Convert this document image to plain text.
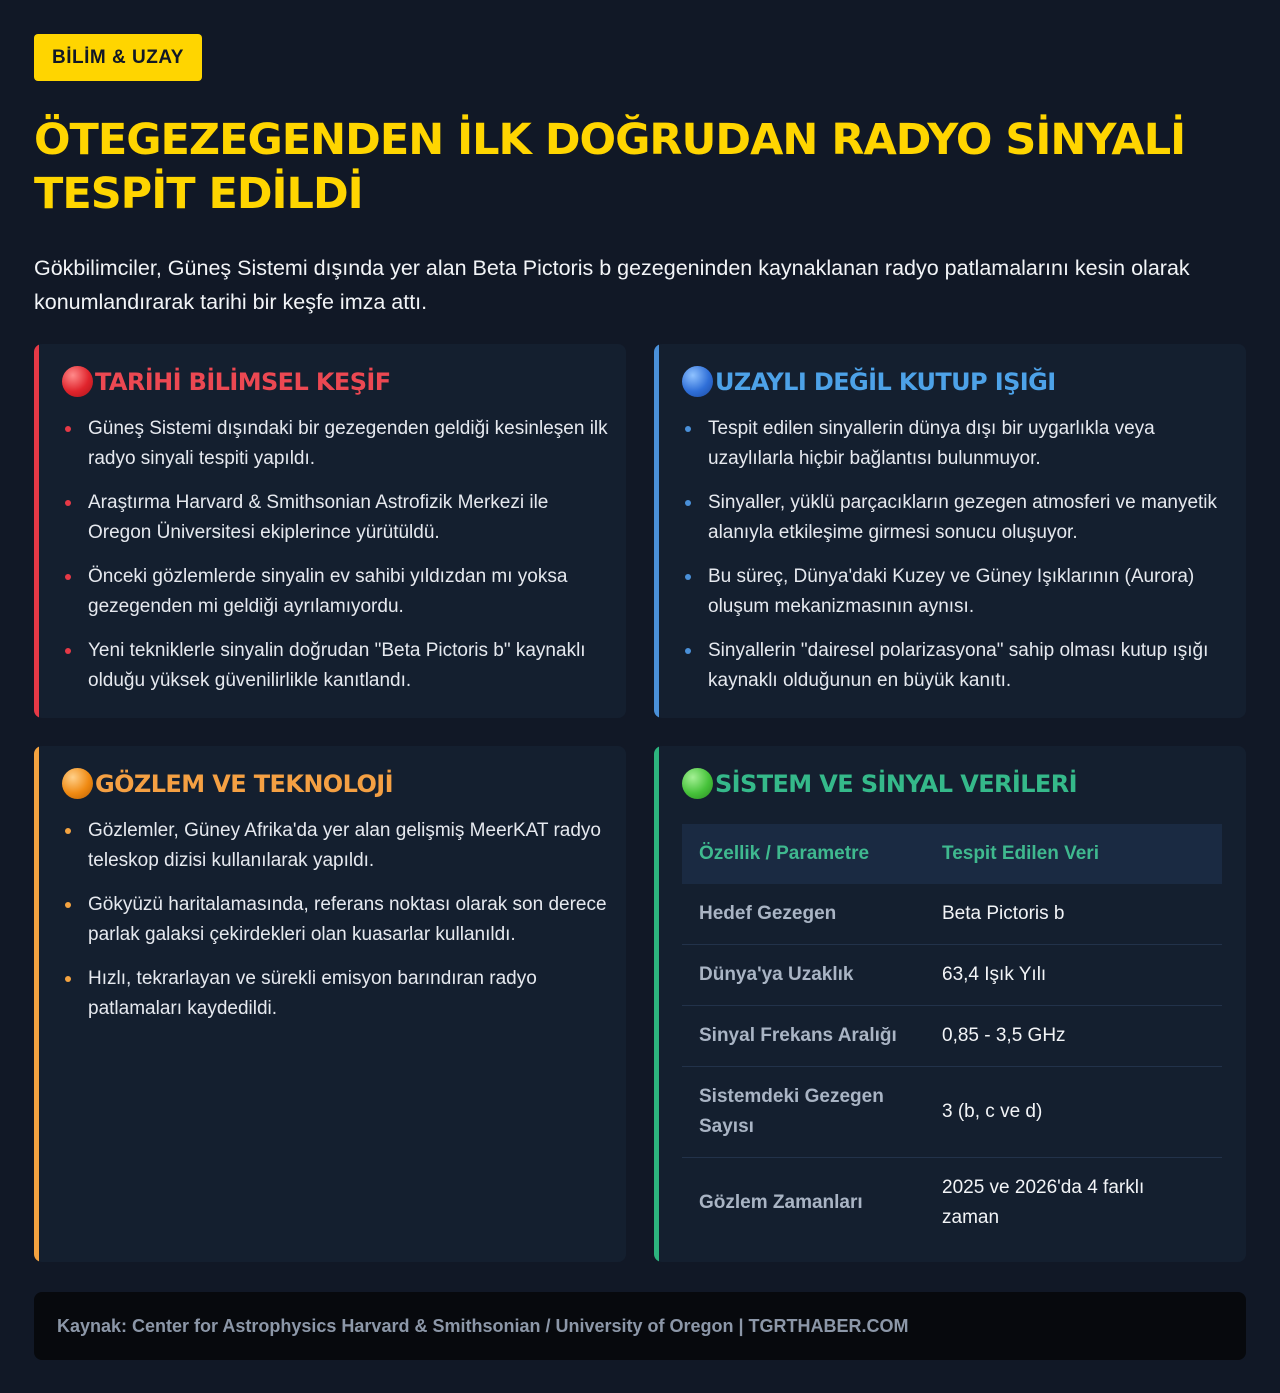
BİLİM & UZAY
ÖTEGEZEGENDEN İLK DOĞRUDAN RADYO SİNYALİ
TESPİT EDİLDİ

Gökbilimciler, Güneş Sistemi dışında yer alan Beta Pictoris b gezegeninden kaynaklanan radyo patlamalarını kesin olarak konumlandırarak tarihi bir keşfe imza attı.

TARİHİ BİLİMSEL KEŞİF
Güneş Sistemi dışındaki bir gezegenden geldiği kesinleşen ilk radyo sinyali tespiti yapıldı.
Araştırma Harvard & Smithsonian Astrofizik Merkezi ile Oregon Üniversitesi ekiplerince yürütüldü.
Önceki gözlemlerde sinyalin ev sahibi yıldızdan mı yoksa gezegenden mi geldiği ayrılamıyordu.
Yeni tekniklerle sinyalin doğrudan "Beta Pictoris b" kaynaklı olduğu yüksek güvenilirlikle kanıtlandı.
UZAYLI DEĞİL KUTUP IŞIĞI
Tespit edilen sinyallerin dünya dışı bir uygarlıkla veya uzaylılarla hiçbir bağlantısı bulunmuyor.
Sinyaller, yüklü parçacıkların gezegen atmosferi ve manyetik alanıyla etkileşime girmesi sonucu oluşuyor.
Bu süreç, Dünya'daki Kuzey ve Güney Işıklarının (Aurora) oluşum mekanizmasının aynısı.
Sinyallerin "dairesel polarizasyona" sahip olması kutup ışığı kaynaklı olduğunun en büyük kanıtı.
GÖZLEM VE TEKNOLOJİ
Gözlemler, Güney Afrika'da yer alan gelişmiş MeerKAT radyo teleskop dizisi kullanılarak yapıldı.
Gökyüzü haritalamasında, referans noktası olarak son derece parlak galaksi çekirdekleri olan kuasarlar kullanıldı.
Hızlı, tekrarlayan ve sürekli emisyon barındıran radyo patlamaları kaydedildi.
SİSTEM VE SİNYAL VERİLERİ
Özellik / Parametre	Tespit Edilen Veri
Hedef Gezegen	Beta Pictoris b
Dünya'ya Uzaklık	63,4 Işık Yılı
Sinyal Frekans Aralığı	0,85 - 3,5 GHz
Sistemdeki Gezegen Sayısı	3 (b, c ve d)
Gözlem Zamanları	2025 ve 2026'da 4 farklı zaman
Kaynak: Center for Astrophysics Harvard & Smithsonian / University of Oregon | TGRTHABER.COM
